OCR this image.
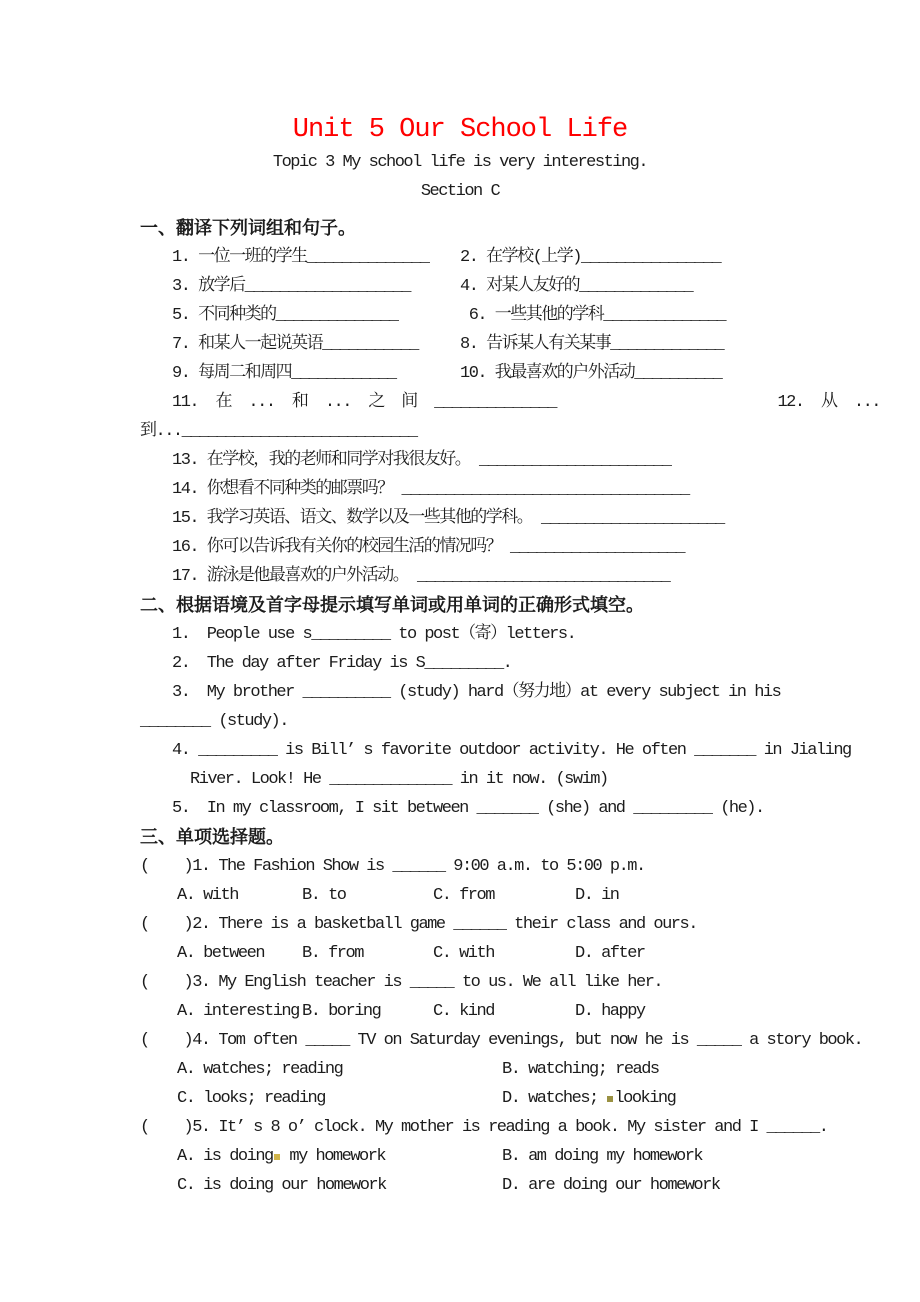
Unit 5 Our School Life
Topic 3 My school life is very interesting.
Section C
一、翻译下列词组和句子。
1. 一位一班的学生______________	2. 在学校(上学)________________
3. 放学后___________________	4. 对某人友好的_____________
5. 不同种类的______________	6. 一些其他的学科______________
7. 和某人一起说英语___________	8. 告诉某人有关某事_____________
9. 每周二和周四____________	10. 我最喜欢的户外活动__________
11.  在  ...  和  ...  之  间  ______________	12.  从  ...
到...___________________________
13. 在学校，我的老师和同学对我很友好。 ______________________
14. 你想看不同种类的邮票吗？ _________________________________
15. 我学习英语、语文、数学以及一些其他的学科。 _____________________
16. 你可以告诉我有关你的校园生活的情况吗？ ____________________
17. 游泳是他最喜欢的户外活动。 _____________________________
二、根据语境及首字母提示填写单词或用单词的正确形式填空。
1.  People use s_________ to post（寄）letters.
2.  The day after Friday is S_________.
3.  My brother __________ (study) hard（努力地）at every subject in his
________ (study).
4. _________ is Bill’ s favorite outdoor activity. He often _______ in Jialing
River. Look! He ______________ in it now. (swim)
5.  In my classroom, I sit between _______ (she) and _________ (he).
三、单项选择题。
(    )1. The Fashion Show is ______ 9:00 a.m. to 5:00 p.m.
A. with	B. to	C. from	D. in
(    )2. There is a basketball game ______ their class and ours.
A. between	B. from	C. with	D. after
(    )3. My English teacher is _____ to us. We all like her.
A. interesting B. boring	C. kind	D. happy
(    )4. Tom often _____ TV on Saturday evenings, but now he is _____ a story book.
A. watches; reading	B. watching; reads
C. looks; reading	D. watches; looking
(    )5. It’ s 8 o’ clock. My mother is reading a book. My sister and I ______.
A. is doing my homework	B. am doing my homework
C. is doing our homework	D. are doing our homework
